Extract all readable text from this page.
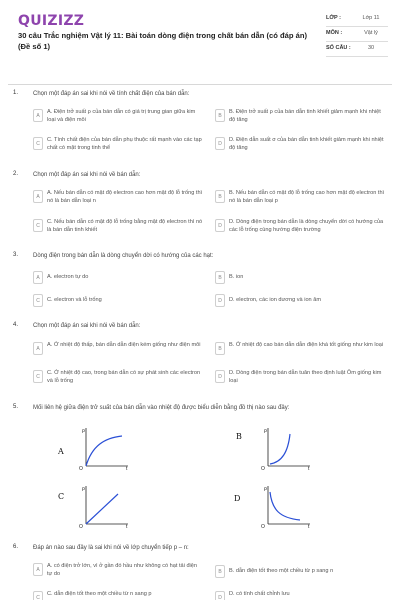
QUIZIZZ
30 câu Trắc nghiệm Vật lý 11: Bài toán dòng điện trong chất bán dẫn (có đáp án) (Đề số 1)
LỚP :	Lớp 11
MÔN :	Vật lý
SỐ CÂU :	30
1. Chọn một đáp án sai khi nói về tính chất điện của bán dẫn:
A
A. Điện trở suất ρ của bán dẫn có giá trị trung gian giữa kim loại và điện môi
B
B. Điện trở suất ρ của bán dẫn tinh khiết giảm mạnh khi nhiệt độ tăng
C
C. Tính chất điện của bán dẫn phụ thuộc rất mạnh vào các tạp chất có mặt trong tinh thể
D
D. Điện dẫn suất σ của bán dẫn tinh khiết giảm mạnh khi nhiệt độ tăng
2. Chọn một đáp án sai khi nói về bán dẫn:
A
A. Nếu bán dẫn có mật độ electron cao hơn mật độ lỗ trống thì nó là bán dẫn loại n
B
B. Nếu bán dẫn có mật độ lỗ trống cao hơn mật độ electron thì nó là bán dẫn loại p
C
C. Nếu bán dẫn có mật độ lỗ trống bằng mật độ electron thì nó là bán dẫn tinh khiết
D
D. Dòng điện trong bán dẫn là dòng chuyển dời có hướng của các lỗ trống cùng hướng điện trường
3. Dòng điện trong bán dẫn là dòng chuyển dời có hướng của các hạt:
A	A. electron tự do	B	B. ion
C	C. electron và lỗ trống	D	D. electron, các ion dương và ion âm
4. Chọn một đáp án sai khi nói về bán dẫn:
A
A. Ở nhiệt độ thấp, bán dẫn dẫn điện kém giống như điện môi
B
B. Ở nhiệt độ cao bán dẫn dẫn điện khá tốt giống như kim loại
C
C. Ở nhiệt độ cao, trong bán dẫn có sự phát sinh các electron và lỗ trống
D
D. Dòng điện trong bán dẫn tuân theo định luật Ôm giống kim loại
5. Mối liên hệ giữa điện trở suất của bán dẫn vào nhiệt độ được biểu diễn bằng đồ thị nào sau đây:
A
ρ
t
O
B
ρ
t
O
C
ρ
t
O
D
ρ
t
O
6. Đáp án nào sau đây là sai khi nói về lớp chuyển tiếp p – n:
A
A. có điện trở lớn, vì ở gần đó hầu như không có hạt tải điện tự do	B	B. dẫn điện tốt theo một chiều từ p sang n
C
C. dẫn điện tốt theo một chiều từ n sang p
D
D. có tính chất chỉnh lưu
